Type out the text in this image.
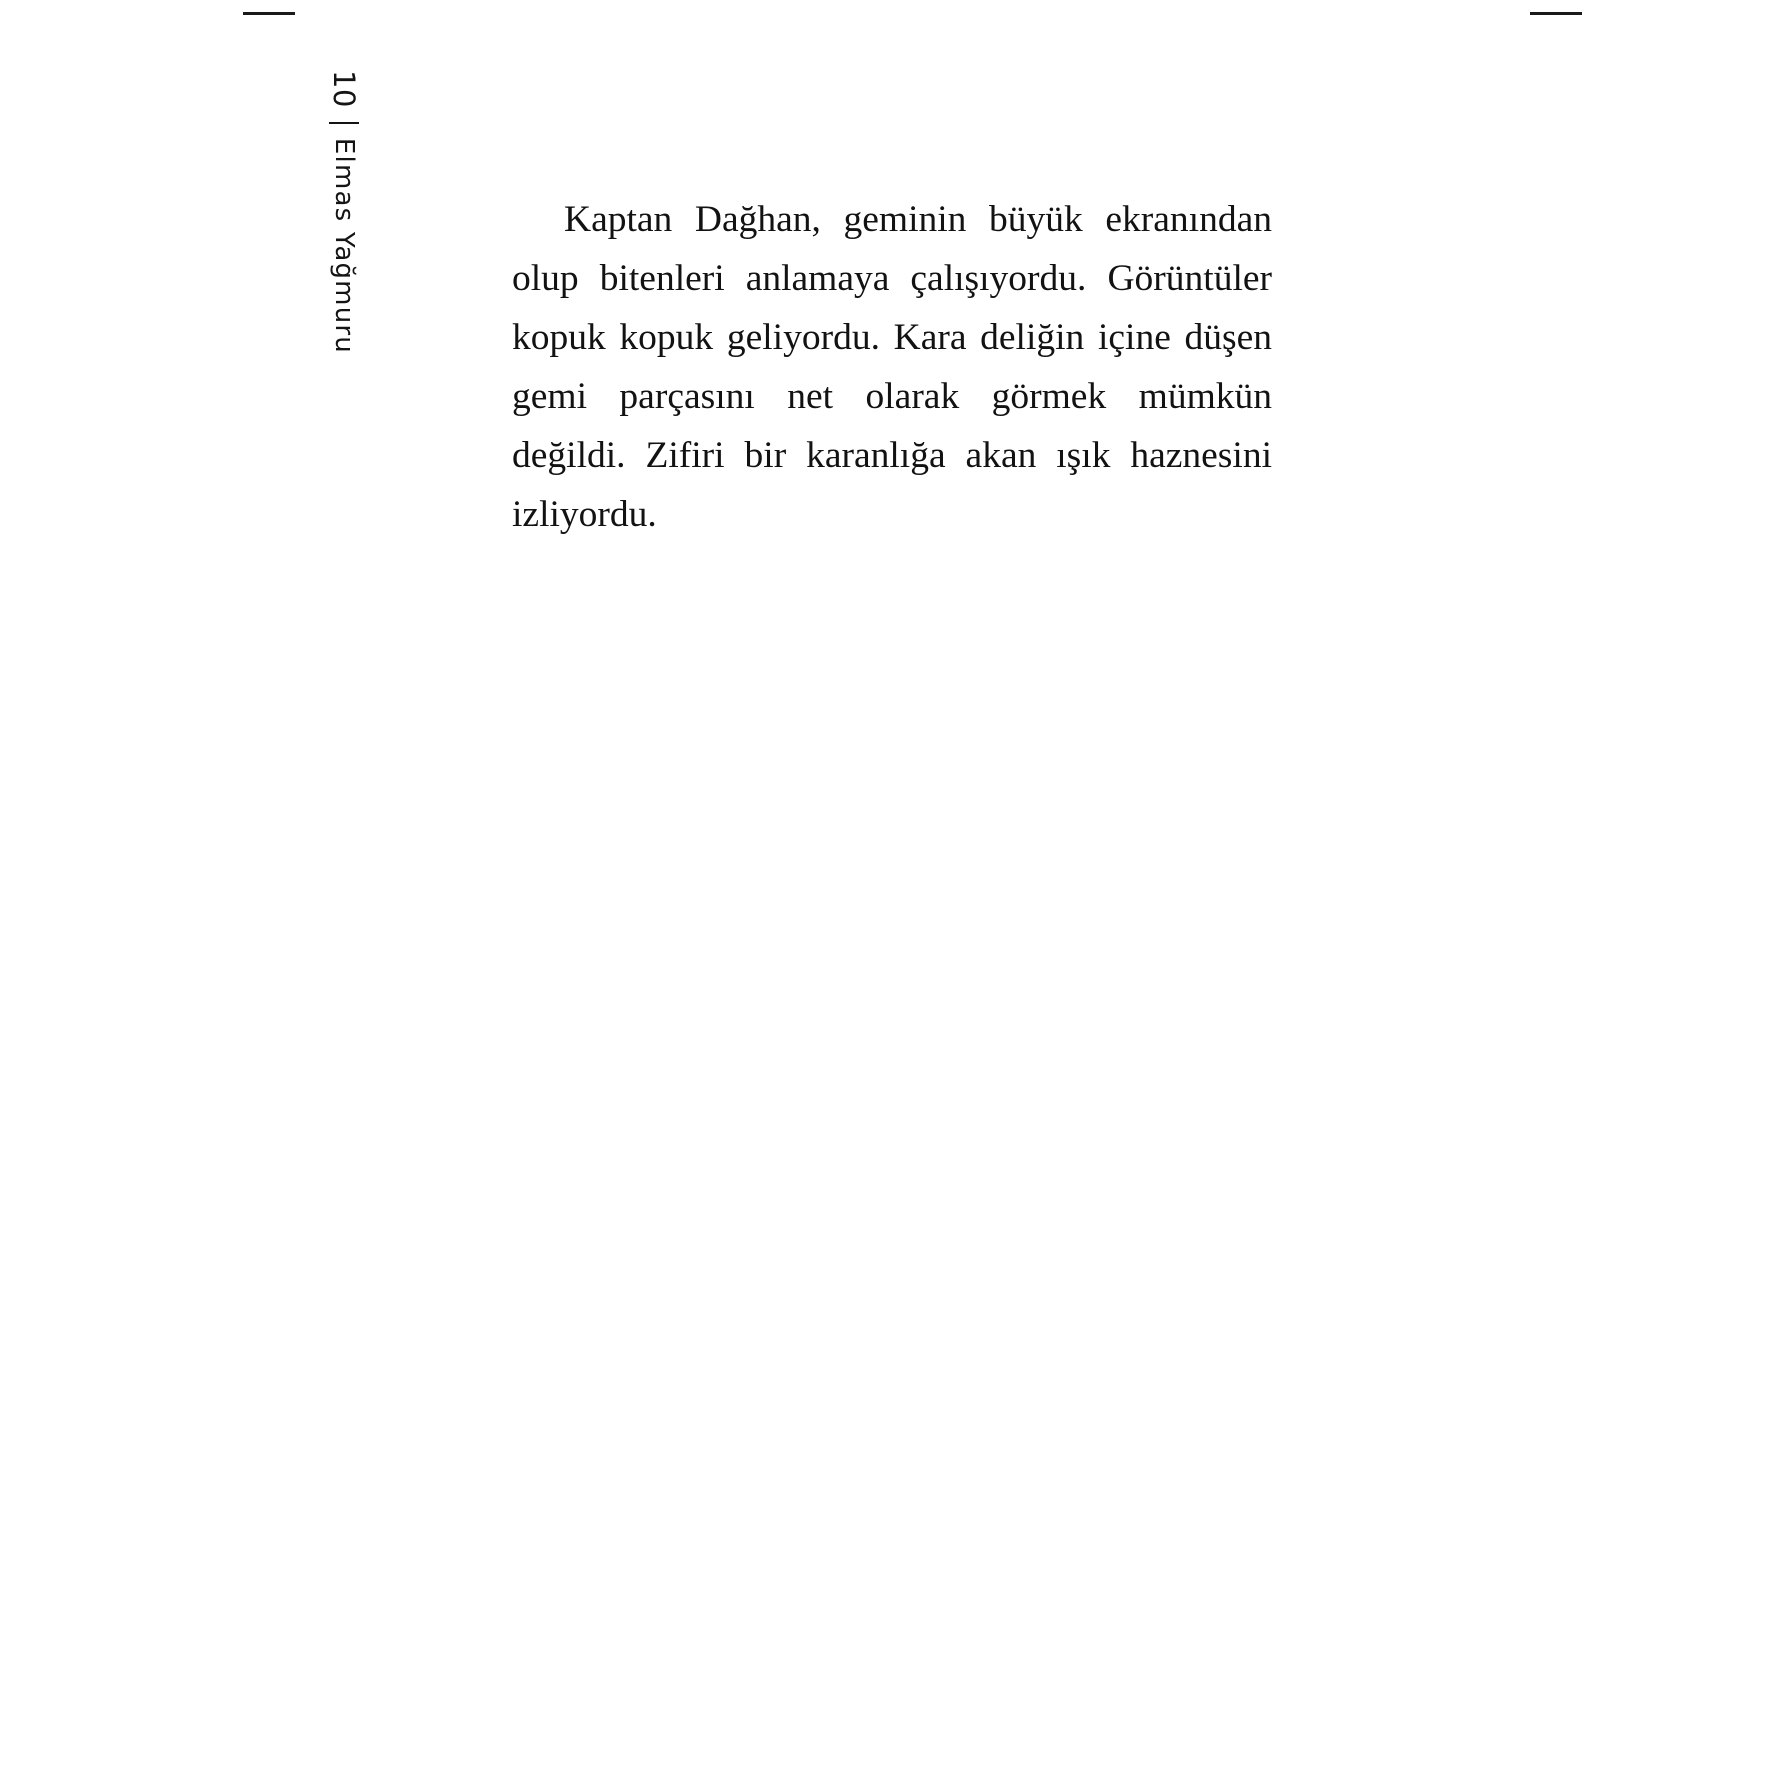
10
Elmas Yağmuru	Kaptan Dağhan, geminin büyük ekranından olup bitenleri anlamaya çalışıyordu. Görüntüler kopuk kopuk geliyordu. Kara deliğin içine düşen gemi parçasını net olarak görmek mümkün değildi. Zifiri bir karanlığa akan ışık haznesini izliyordu.
